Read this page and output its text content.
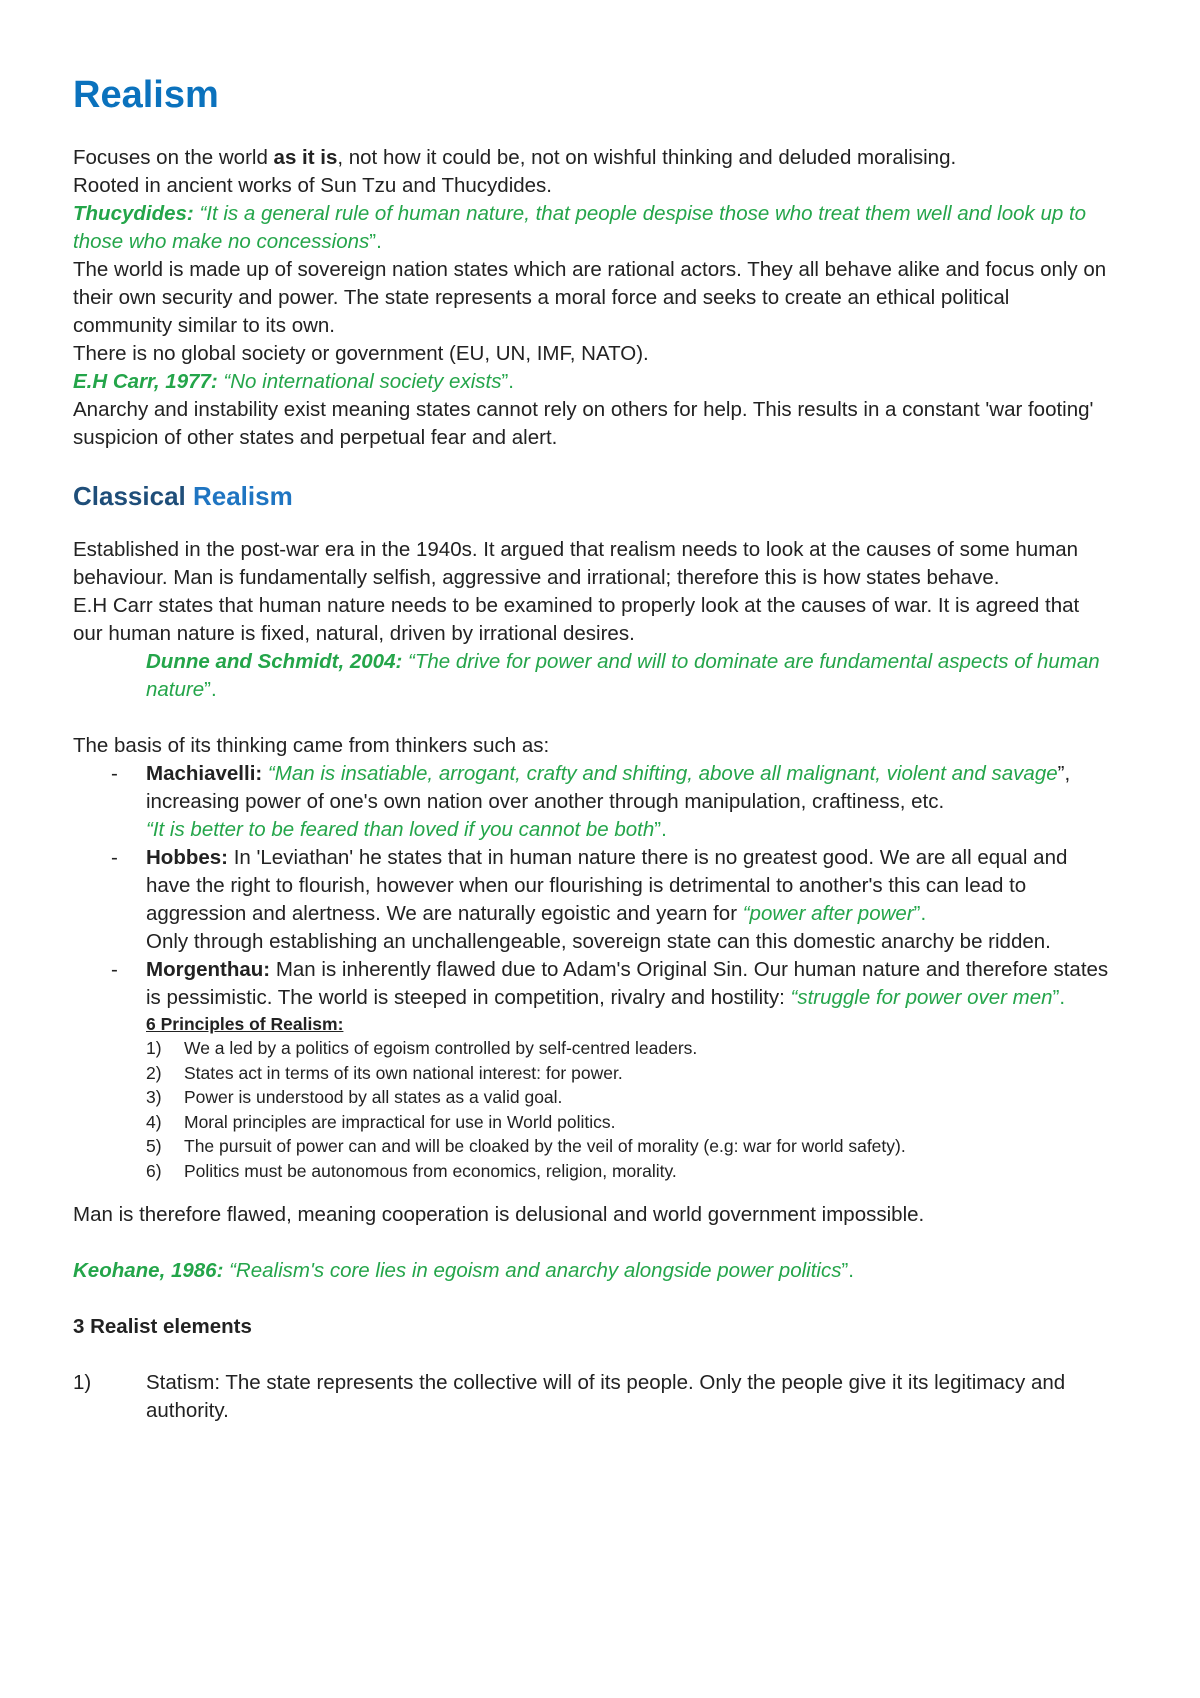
Realism

Focuses on the world as it is, not how it could be, not on wishful thinking and deluded moralising.

Rooted in ancient works of Sun Tzu and Thucydides.

Thucydides: “It is a general rule of human nature, that people despise those who treat them well and look up to those who make no concessions”.

The world is made up of sovereign nation states which are rational actors. They all behave alike and focus only on their own security and power. The state represents a moral force and seeks to create an ethical political community similar to its own.

There is no global society or government (EU, UN, IMF, NATO).

E.H Carr, 1977: “No international society exists”.

Anarchy and instability exist meaning states cannot rely on others for help. This results in a constant 'war footing' suspicion of other states and perpetual fear and alert.

Classical Realism

Established in the post-war era in the 1940s. It argued that realism needs to look at the causes of some human behaviour. Man is fundamentally selfish, aggressive and irrational; therefore this is how states behave.

E.H Carr states that human nature needs to be examined to properly look at the causes of war. It is agreed that our human nature is fixed, natural, driven by irrational desires.

Dunne and Schmidt, 2004: “The drive for power and will to dominate are fundamental aspects of human nature”.

The basis of its thinking came from thinkers such as:

-	Machiavelli: “Man is insatiable, arrogant, crafty and shifting, above all malignant, violent and savage”, increasing power of one's own nation over another through manipulation, craftiness, etc.
“It is better to be feared than loved if you cannot be both”.
-	Hobbes: In 'Leviathan' he states that in human nature there is no greatest good. We are all equal and have the right to flourish, however when our flourishing is detrimental to another's this can lead to aggression and alertness. We are naturally egoistic and yearn for “power after power”.
Only through establishing an unchallengeable, sovereign state can this domestic anarchy be ridden.
-	Morgenthau: Man is inherently flawed due to Adam's Original Sin. Our human nature and therefore states is pessimistic. The world is steeped in competition, rivalry and hostility: “struggle for power over men”.

6 Principles of Realism:

1)	We a led by a politics of egoism controlled by self-centred leaders.
2)	States act in terms of its own national interest: for power.
3)	Power is understood by all states as a valid goal.
4)	Moral principles are impractical for use in World politics.
5)	The pursuit of power can and will be cloaked by the veil of morality (e.g: war for world safety).
6)	Politics must be autonomous from economics, religion, morality.

Man is therefore flawed, meaning cooperation is delusional and world government impossible.

Keohane, 1986: “Realism's core lies in egoism and anarchy alongside power politics”.

3 Realist elements

1)	Statism: The state represents the collective will of its people. Only the people give it its legitimacy and authority.
